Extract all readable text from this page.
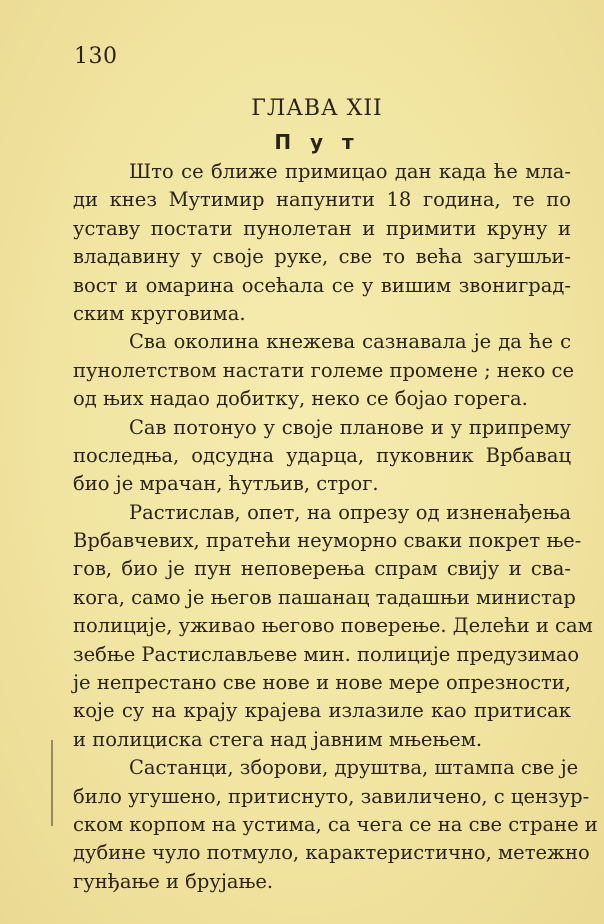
130
ГЛАВА XII
П у т
Што се ближе примицао дан када ће мла-
ди кнез Мутимир напунити 18 година, те по
уставу постати пунолетан и примити круну и
владавину у своје руке, све то већа загушљи-
вост и омарина осећала се у вишим звониград-
ским круговима.
Сва околина кнежева сазнавала је да ће с
пунолетством настати големе промене ; неко се
од њих надао добитку, неко се бојао горега.
Сав потонуо у своје планове и у припрему
последња, одсудна ударца, пуковник Врбавац
био је мрачан, ћутљив, строг.
Растислав, опет, на опрезу од изненађења
Врбавчевих, пратећи неуморно сваки покрет ње-
гов, био је пун неповерења спрам свију и сва-
кога, само је његов пашанац тадашњи министар
полиције, уживао његово поверење. Делећи и сам
зебње Растислављеве мин. полиције предузимао
је непрестано све нове и нове мере опрезности,
које су на крају крајева излазиле као притисак
и полициска стега над јавним мњењем.
Састанци, зборови, друштва, штампа све је
било угушено, притиснуто, завиличено, с цензур-
ском корпом на устима, са чега се на све стране и
дубине чуло потмуло, карактеристично, метежно
гунђање и брујање.
